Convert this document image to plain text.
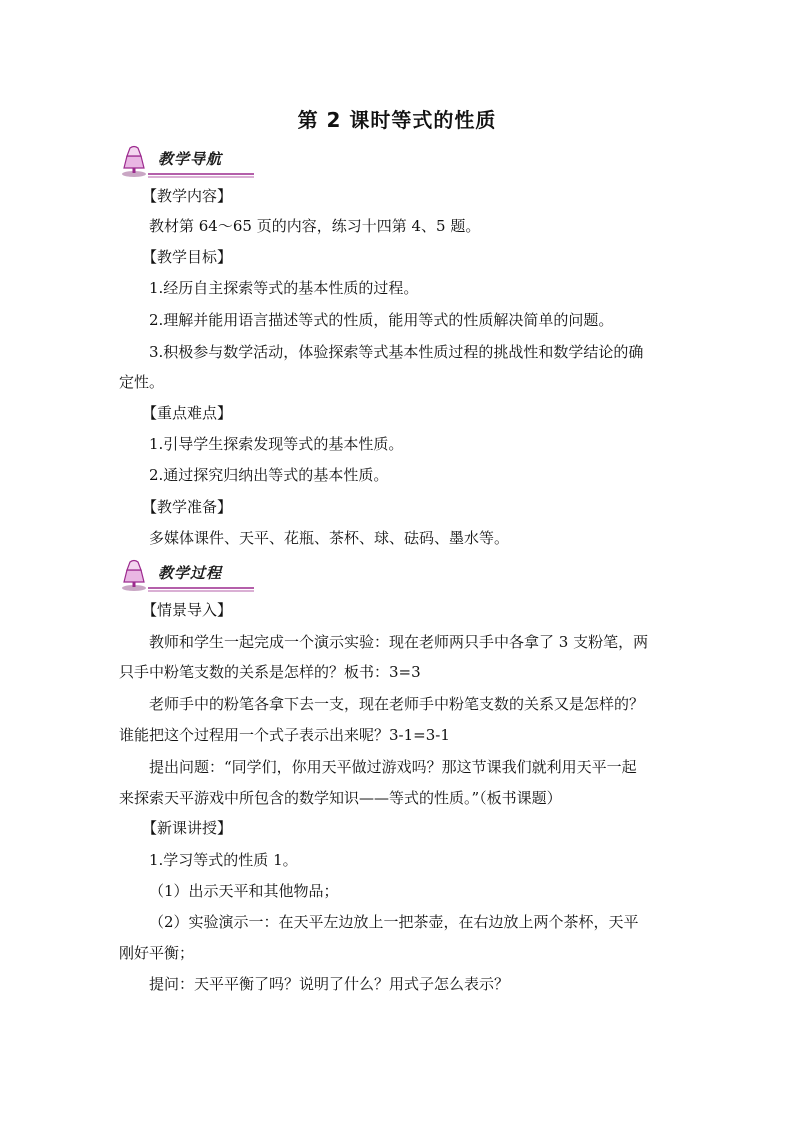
第 2 课时等式的性质
教学导航
【教学内容】
教材第 64～65 页的内容，练习十四第 4、5 题。
【教学目标】
1.经历自主探索等式的基本性质的过程。
2.理解并能用语言描述等式的性质，能用等式的性质解决简单的问题。
3.积极参与数学活动，体验探索等式基本性质过程的挑战性和数学结论的确
定性。
【重点难点】
1.引导学生探索发现等式的基本性质。
2.通过探究归纳出等式的基本性质。
【教学准备】
多媒体课件、天平、花瓶、茶杯、球、砝码、墨水等。
教学过程
【情景导入】
教师和学生一起完成一个演示实验：现在老师两只手中各拿了 3 支粉笔，两
只手中粉笔支数的关系是怎样的？板书：3=3
老师手中的粉笔各拿下去一支，现在老师手中粉笔支数的关系又是怎样的？
谁能把这个过程用一个式子表示出来呢？3-1=3-1
提出问题：“同学们，你用天平做过游戏吗？那这节课我们就利用天平一起
来探索天平游戏中所包含的数学知识——等式的性质。”（板书课题）
【新课讲授】
1.学习等式的性质 1。
（1）出示天平和其他物品；
（2）实验演示一：在天平左边放上一把茶壶，在右边放上两个茶杯，天平
刚好平衡；
提问：天平平衡了吗？说明了什么？用式子怎么表示？
